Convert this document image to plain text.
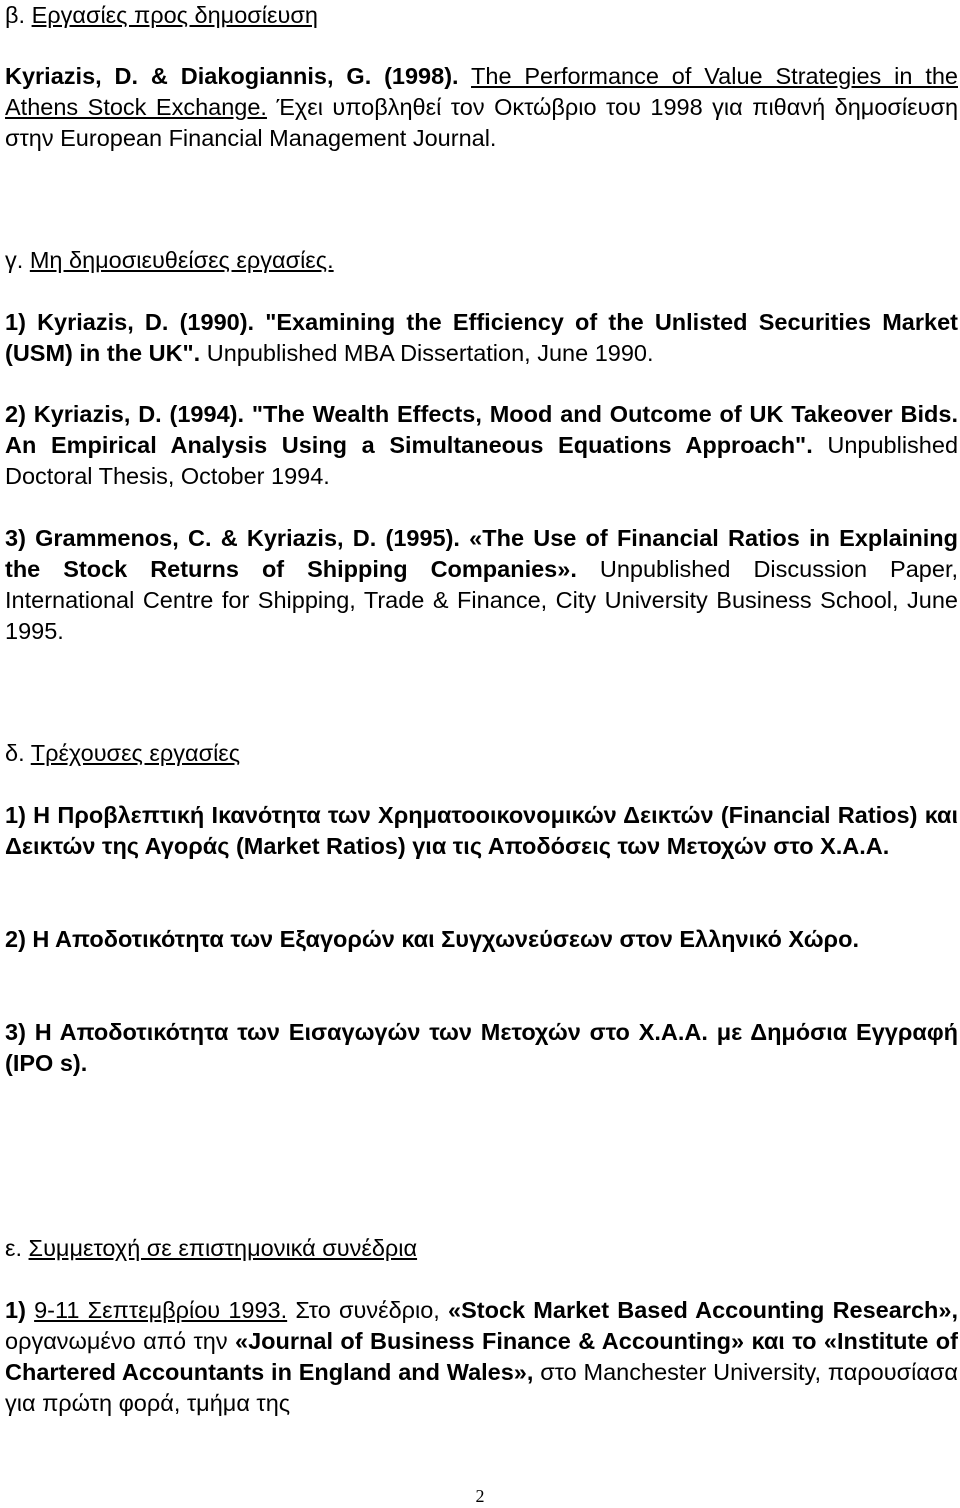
β. Εργασίες προς δημοσίευση

Kyriazis, D. & Diakogiannis, G. (1998). The Performance of Value Strategies in the Athens Stock Exchange. Έχει υποβληθεί τον Οκτώβριο του 1998 για πιθανή δημοσίευση στην European Financial Management Journal.

γ. Μη δημοσιευθείσες εργασίες.

1) Kyriazis, D. (1990). "Examining the Efficiency of the Unlisted Securities Market (USM) in the UK". Unpublished MBA Dissertation, June 1990.

2) Kyriazis, D. (1994). "The Wealth Effects, Mood and Outcome of UK Takeover Bids. An Empirical Analysis Using a Simultaneous Equations Approach". Unpublished Doctoral Thesis, October 1994.

3) Grammenos, C. & Kyriazis, D. (1995). «The Use of Financial Ratios in Explaining the Stock Returns of Shipping Companies». Unpublished Discussion Paper, International Centre for Shipping, Trade & Finance, City University Business School, June 1995.

δ. Τρέχουσες εργασίες

1) Η Προβλεπτική Ικανότητα των Χρηματοοικονομικών Δεικτών (Financial Ratios) και Δεικτών της Αγοράς (Market Ratios) για τις Αποδόσεις των Μετοχών στο Χ.Α.Α.

2) Η Αποδοτικότητα των Εξαγορών και Συγχωνεύσεων στον Ελληνικό Χώρο.

3) Η Αποδοτικότητα των Εισαγωγών των Μετοχών στο Χ.Α.Α. με Δημόσια Εγγραφή (IPO s).

ε. Συμμετοχή σε επιστημονικά συνέδρια

1) 9-11 Σεπτεμβρίου 1993. Στο συνέδριο, «Stock Market Based Accounting Research», οργανωμένο από την «Journal of Business Finance & Accounting» και το «Institute of Chartered Accountants in England and Wales», στο Manchester University, παρουσίασα για πρώτη φορά, τμήμα της

2
